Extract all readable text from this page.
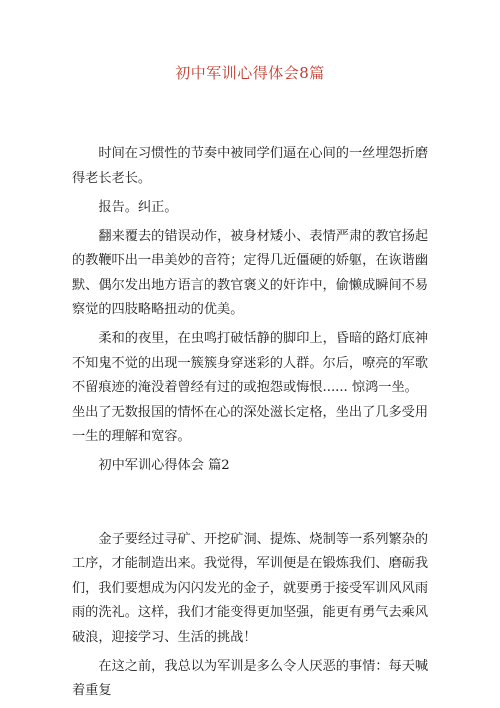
初中军训心得体会8篇

时间在习惯性的节奏中被同学们逼在心间的一丝埋怨折磨得老长老长。

报告。纠正。

翻来覆去的错误动作，被身材矮小、表情严肃的教官扬起的教鞭吓出一串美妙的音符；定得几近僵硬的娇躯，在诙谐幽默、偶尔发出地方语言的教官褒义的奸诈中，偷懒成瞬间不易察觉的四肢略略扭动的优美。

柔和的夜里，在虫鸣打破恬静的脚印上，昏暗的路灯底神不知鬼不觉的出现一簇簇身穿迷彩的人群。尔后，嘹亮的军歌不留痕迹的淹没着曾经有过的或抱怨或悔恨...... 惊鸿一坐。坐出了无数报国的情怀在心的深处滋长定格，坐出了几多受用一生的理解和宽容。

初中军训心得体会 篇2

金子要经过寻矿、开挖矿洞、提炼、烧制等一系列繁杂的工序，才能制造出来。我觉得，军训便是在锻炼我们、磨砺我们，我们要想成为闪闪发光的金子，就要勇于接受军训风风雨雨的洗礼。这样，我们才能变得更加坚强，能更有勇气去乘风破浪，迎接学习、生活的挑战！

在这之前，我总以为军训是多么令人厌恶的事情：每天喊着重复
